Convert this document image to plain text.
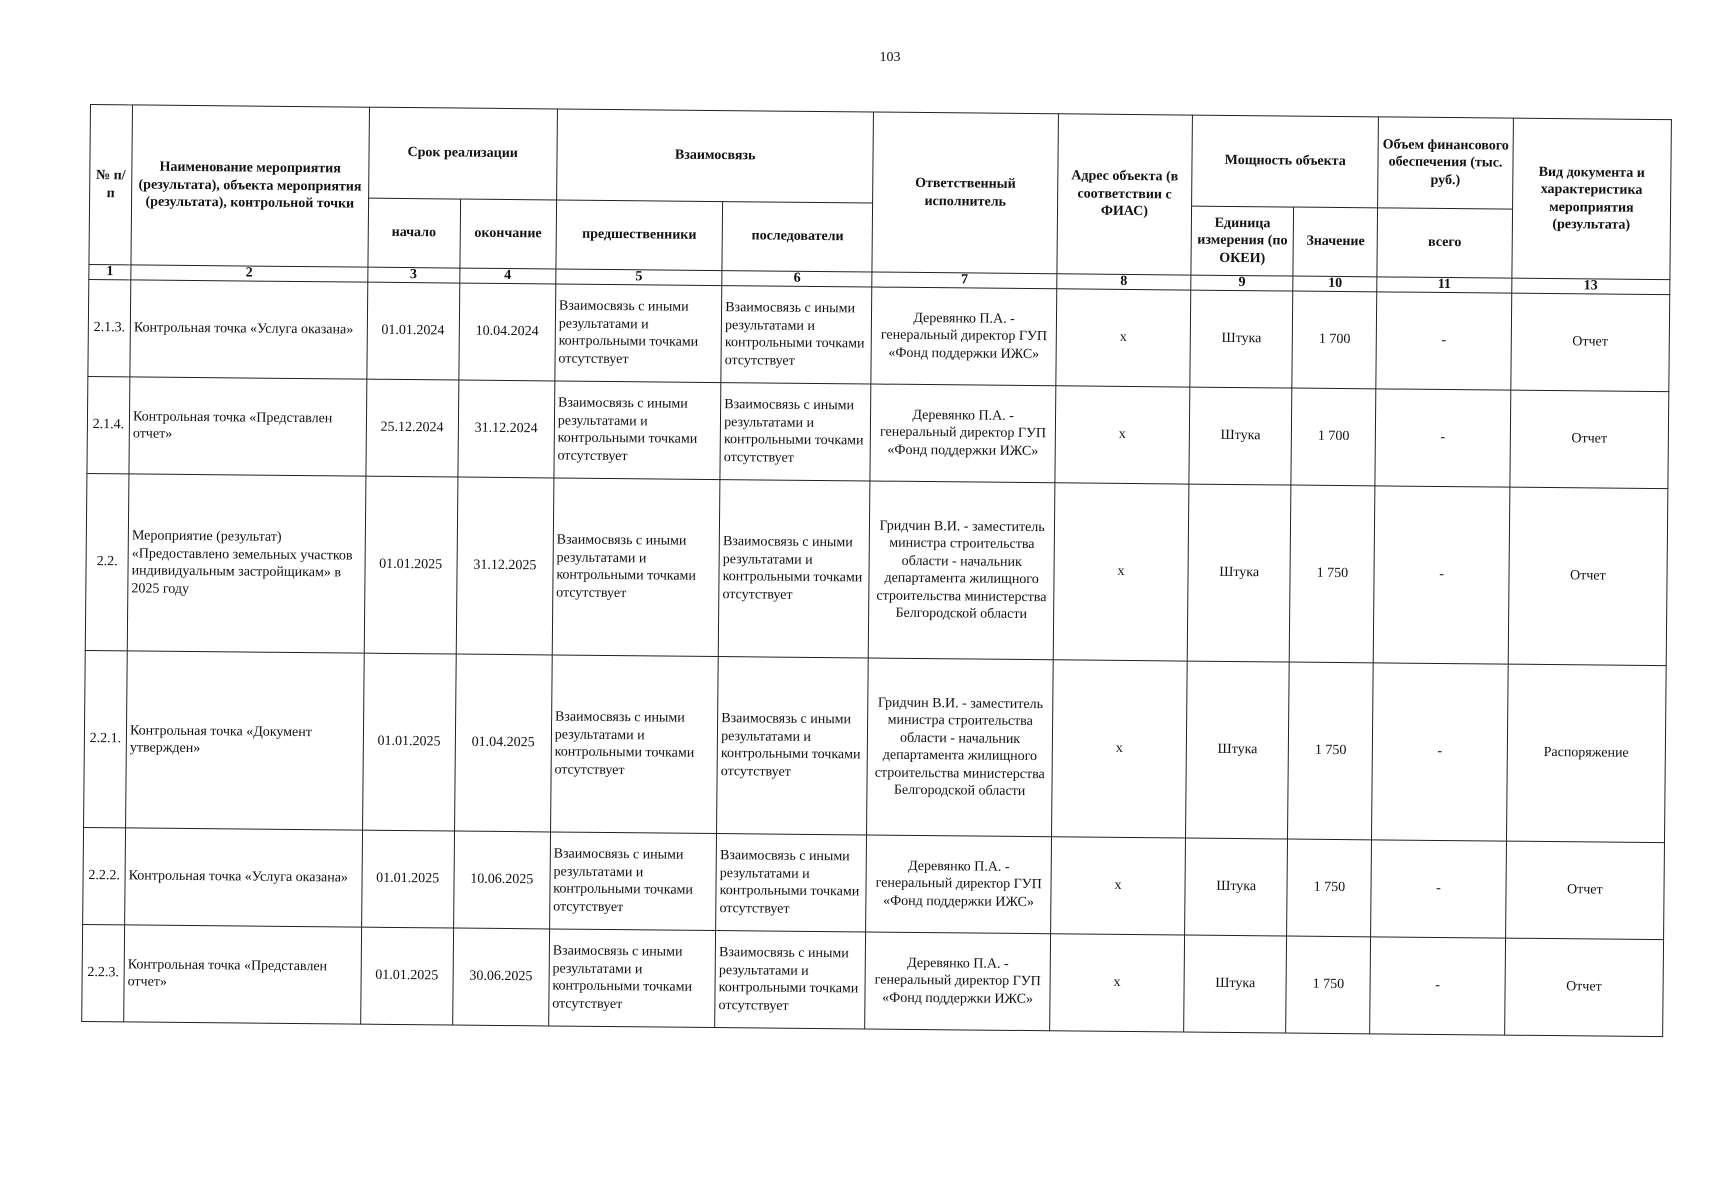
103
№ п/п	Наименование мероприятия (результата), объекта мероприятия (результата), контрольной точки	Срок реализации		Взаимосвязь		Ответственный исполнитель	Адрес объекта (в соответствии с ФИАС)	Мощность объекта		Объем финансового обеспечения (тыс. руб.)	Вид документа и характеристика мероприятия (результата)
		начало	окончание	предшественники	последователи			Единица измерения (по ОКЕИ)	Значение	всего	
1	2	3	4	5	6	7	8	9	10	11	13
2.1.3.	Контрольная точка «Услуга оказана»	01.01.2024	10.04.2024	Взаимосвязь с иными результатами и контрольными точками отсутствует	Взаимосвязь с иными результатами и контрольными точками отсутствует	Деревянко П.А. - генеральный директор ГУП «Фонд поддержки ИЖС»	x	Штука	1 700	-	Отчет
2.1.4.	Контрольная точка «Представлен отчет»	25.12.2024	31.12.2024	Взаимосвязь с иными результатами и контрольными точками отсутствует	Взаимосвязь с иными результатами и контрольными точками отсутствует	Деревянко П.А. - генеральный директор ГУП «Фонд поддержки ИЖС»	x	Штука	1 700	-	Отчет
2.2.	Мероприятие (результат) «Предоставлено земельных участков индивидуальным застройщикам» в 2025 году	01.01.2025	31.12.2025	Взаимосвязь с иными результатами и контрольными точками отсутствует	Взаимосвязь с иными результатами и контрольными точками отсутствует	Гридчин В.И. - заместитель министра строительства области - начальник департамента жилищного строительства министерства Белгородской области	x	Штука	1 750	-	Отчет
2.2.1.	Контрольная точка «Документ утвержден»	01.01.2025	01.04.2025	Взаимосвязь с иными результатами и контрольными точками отсутствует	Взаимосвязь с иными результатами и контрольными точками отсутствует	Гридчин В.И. - заместитель министра строительства области - начальник департамента жилищного строительства министерства Белгородской области	x	Штука	1 750	-	Распоряжение
2.2.2.	Контрольная точка «Услуга оказана»	01.01.2025	10.06.2025	Взаимосвязь с иными результатами и контрольными точками отсутствует	Взаимосвязь с иными результатами и контрольными точками отсутствует	Деревянко П.А. - генеральный директор ГУП «Фонд поддержки ИЖС»	x	Штука	1 750	-	Отчет
2.2.3.	Контрольная точка «Представлен отчет»	01.01.2025	30.06.2025	Взаимосвязь с иными результатами и контрольными точками отсутствует	Взаимосвязь с иными результатами и контрольными точками отсутствует	Деревянко П.А. - генеральный директор ГУП «Фонд поддержки ИЖС»	x	Штука	1 750	-	Отчет
